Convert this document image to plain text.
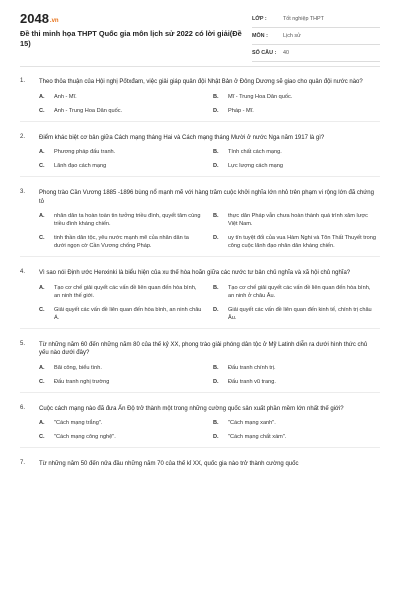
2048.vn
Đề thi minh họa THPT Quốc gia môn lịch sử 2022 có lời giải(Đề 15)
LỚP :	Tốt nghiệp THPT
MÔN :	Lịch sử
SỐ CÂU :	40
1. Theo thỏa thuận của Hội nghị Pốtxđam, việc giải giáp quân đội Nhật Bản ở Đông Dương sẽ giao cho quân đội nước nào?
A.	Anh - Mĩ.	B.	Mĩ - Trung Hoa Dân quốc.
C.	Anh - Trung Hoa Dân quốc.	D.	Pháp - Mĩ.
2. Điểm khác biệt cơ bản giữa Cách mạng tháng Hai và Cách mạng tháng Mười ở nước Nga năm 1917 là gì?
A.	Phương pháp đấu tranh.	B.	Tính chất cách mạng.
C.	Lãnh đạo cách mạng	D.	Lực lượng cách mạng
3. Phong trào Cần Vương 1885 -1896 bùng nổ mạnh mẽ với hàng trăm cuộc khởi nghĩa lớn nhỏ trên phạm vi rộng lớn đã chứng tỏ
A.	nhân dân ta hoàn toàn tin tưởng triều đình, quyết tâm cùng triều đình kháng chiến.
B.	thực dân Pháp vẫn chưa hoàn thành quá trình xâm lược Việt Nam.
C.	tinh thần dân tộc, yêu nước mạnh mẽ của nhân dân ta dưới ngọn cờ Cần Vương chống Pháp.
D.	uy tín tuyệt đối của vua Hàm Nghi và Tôn Thất Thuyết trong công cuộc lãnh đạo nhân dân kháng chiến.
4. Vì sao nói Định ước Henxinki là biểu hiện của xu thế hòa hoãn giữa các nước tư bản chủ nghĩa và xã hội chủ nghĩa?
A.	Tạo cơ chế giải quyết các vấn đề liên quan đến hòa bình, an ninh thế giới.
B.	Tạo cơ chế giải quyết các vấn đề liên quan đến hòa bình, an ninh ở châu Âu.
C.	Giải quyết các vấn đề liên quan đến hòa bình, an ninh châu Á.
D.	Giải quyết các vấn đề liên quan đến kinh tế, chính trị châu Âu.
5. Từ những năm 60 đến những năm 80 của thế kỷ XX, phong trào giải phóng dân tộc ở Mỹ Latinh diễn ra dưới hình thức chủ yếu nào dưới đây?
A.	Bãi công, biểu tình.	B.	Đấu tranh chính trị.
C.	Đấu tranh nghị trường	D.	Đấu tranh vũ trang.
6. Cuộc cách mạng nào đã đưa Ấn Độ trở thành một trong những cường quốc sản xuất phần mềm lớn nhất thế giới?
A.	"Cách mạng trắng".	B.	"Cách mạng xanh".
C.	"Cách mạng công nghệ".	D.	"Cách mạng chất xám".
7. Từ những năm 50 đến nửa đầu những năm 70 của thế kỉ XX, quốc gia nào trở thành cường quốc
